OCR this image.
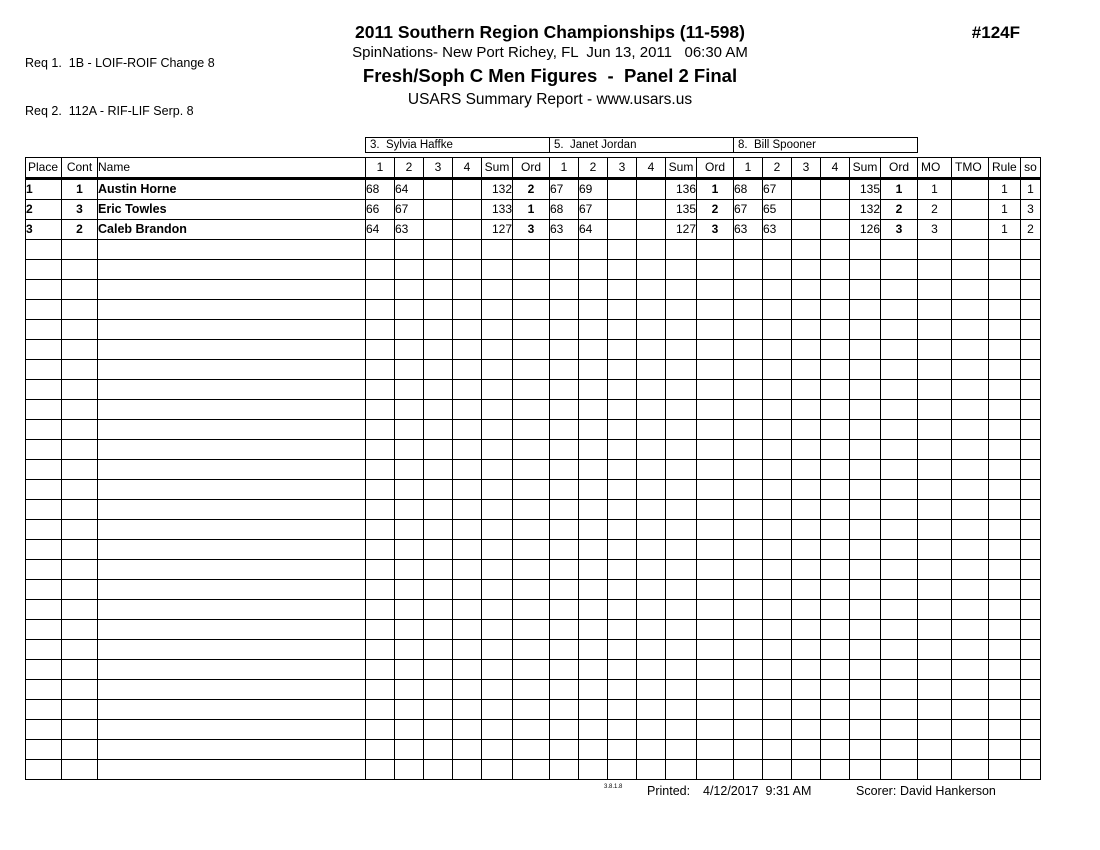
Req 1.  1B - LOIF-ROIF Change 8

Req 2.  112A - RIF-LIF Serp. 8

2011 Southern Region Championships (11-598)
SpinNations- New Port Richey, FL  Jun 13, 2011   06:30 AM
Fresh/Soph C Men Figures  -  Panel 2 Final
USARS Summary Report - www.usars.us
#124F
3.  Sylvia Haffke	5.  Janet Jordan	8.  Bill Spooner
Place	Cont	Name	1	2	3	4	Sum	Ord	1	2	3	4	Sum	Ord	1	2	3	4	Sum	Ord	MO	TMO	Rule	so
1	1	Austin Horne	68	64			132	2	67	69			136	1	68	67			135	1	1		1	1
2	3	Eric Towles	66	67			133	1	68	67			135	2	67	65			132	2	2		1	3
3	2	Caleb Brandon	64	63			127	3	63	64			127	3	63	63			126	3	3		1	2

3.8.1.8 Printed: 4/12/2017  9:31 AM	Scorer: David Hankerson
